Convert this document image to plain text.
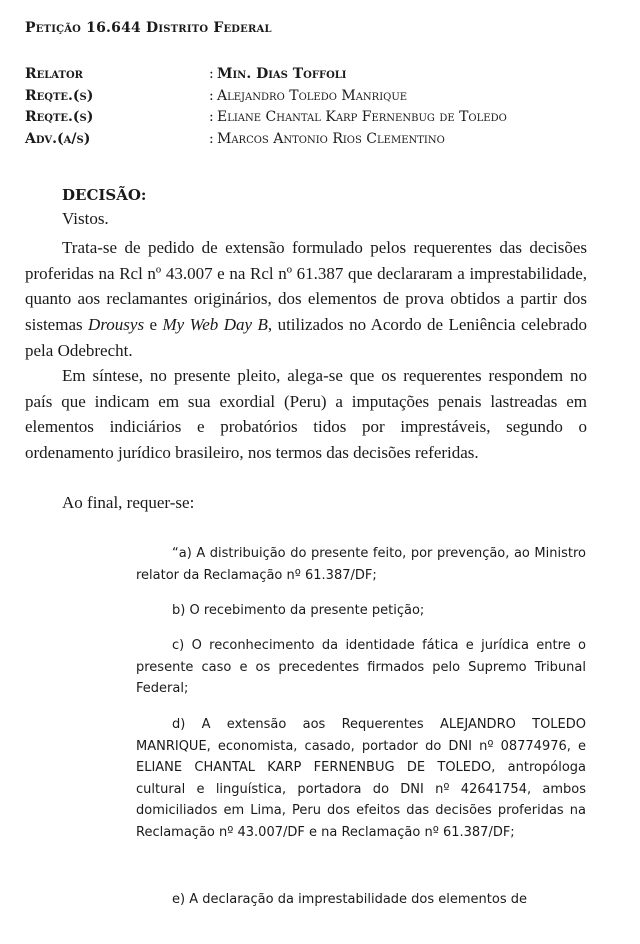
Petição 16.644 Distrito Federal
Relator	: Min. Dias Toffoli
Reqte.(s)	: Alejandro Toledo Manrique
Reqte.(s)	: Eliane Chantal Karp Fernenbug de Toledo
Adv.(a/s)	: Marcos Antonio Rios Clementino
DECISÃO:
Vistos.
Trata-se de pedido de extensão formulado pelos requerentes das decisões proferidas na Rcl nº 43.007 e na Rcl nº 61.387 que declararam a imprestabilidade, quanto aos reclamantes originários, dos elementos de prova obtidos a partir dos sistemas Drousys e My Web Day B, utilizados no Acordo de Leniência celebrado pela Odebrecht.
Em síntese, no presente pleito, alega-se que os requerentes respondem no país que indicam em sua exordial (Peru) a imputações penais lastreadas em elementos indiciários e probatórios tidos por imprestáveis, segundo o ordenamento jurídico brasileiro, nos termos das decisões referidas.
Ao final, requer-se:
“a) A distribuição do presente feito, por prevenção, ao Ministro relator da Reclamação nº 61.387/DF;
b) O recebimento da presente petição;
c) O reconhecimento da identidade fática e jurídica entre o presente caso e os precedentes firmados pelo Supremo Tribunal Federal;
d) A extensão aos Requerentes ALEJANDRO TOLEDO MANRIQUE, economista, casado, portador do DNI nº 08774976, e ELIANE CHANTAL KARP FERNENBUG DE TOLEDO, antropóloga cultural e linguística, portadora do DNI nº 42641754, ambos domiciliados em Lima, Peru dos efeitos das decisões proferidas na Reclamação nº 43.007/DF e na Reclamação nº 61.387/DF;
e) A declaração da imprestabilidade dos elementos de
